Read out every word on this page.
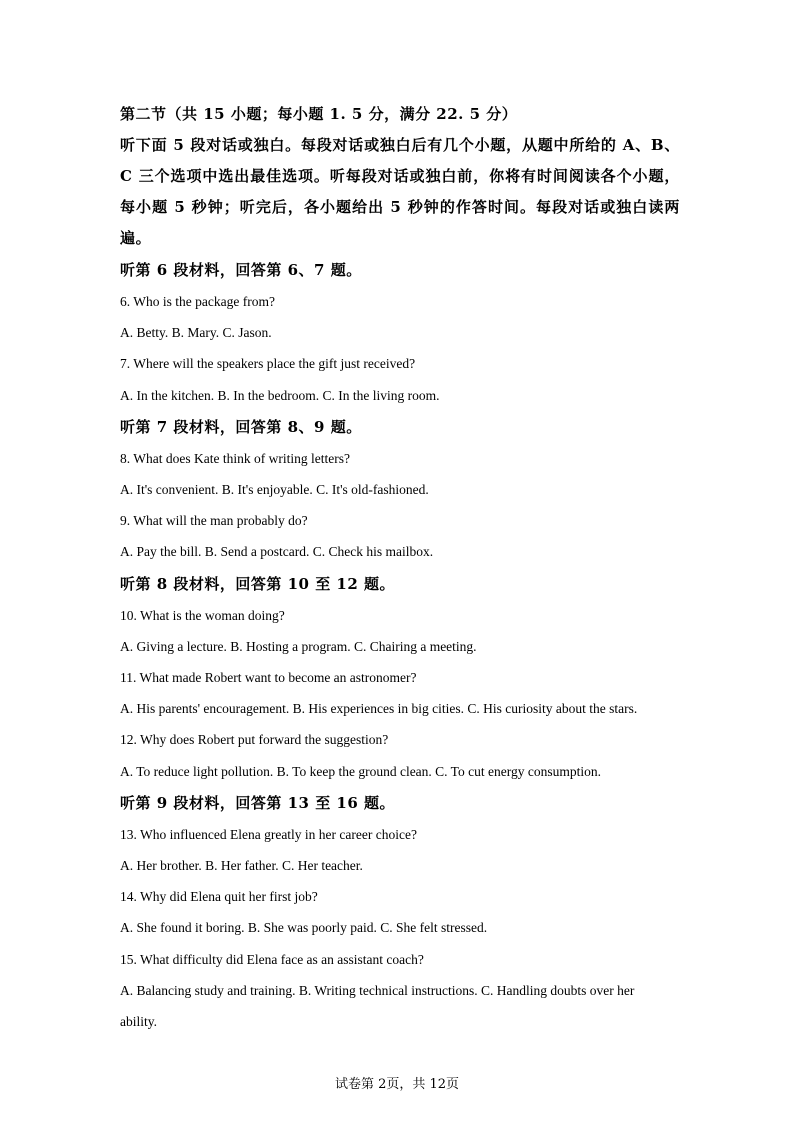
第二节（共 15 小题；每小题 1. 5 分，满分 22. 5 分）

听下面 5 段对话或独白。每段对话或独白后有几个小题，从题中所给的 A、B、C 三个选项中选出最佳选项。听每段对话或独白前，你将有时间阅读各个小题，每小题 5 秒钟；听完后，各小题给出 5 秒钟的作答时间。每段对话或独白读两遍。

听第 6 段材料，回答第 6、7 题。

6. Who is the package from?

A. Betty. B. Mary. C. Jason.

7. Where will the speakers place the gift just received?

A. In the kitchen. B. In the bedroom. C. In the living room.

听第 7 段材料，回答第 8、9 题。

8. What does Kate think of writing letters?

A. It's convenient. B. It's enjoyable. C. It's old-fashioned.

9. What will the man probably do?

A. Pay the bill. B. Send a postcard. C. Check his mailbox.

听第 8 段材料，回答第 10 至 12 题。

10. What is the woman doing?

A. Giving a lecture. B. Hosting a program. C. Chairing a meeting.

11. What made Robert want to become an astronomer?

A. His parents' encouragement. B. His experiences in big cities. C. His curiosity about the stars.

12. Why does Robert put forward the suggestion?

A. To reduce light pollution. B. To keep the ground clean. C. To cut energy consumption.

听第 9 段材料，回答第 13 至 16 题。

13. Who influenced Elena greatly in her career choice?

A. Her brother. B. Her father. C. Her teacher.

14. Why did Elena quit her first job?

A. She found it boring. B. She was poorly paid. C. She felt stressed.

15. What difficulty did Elena face as an assistant coach?

A. Balancing study and training. B. Writing technical instructions. C. Handling doubts over her ability.

试卷第 2页，共 12页
